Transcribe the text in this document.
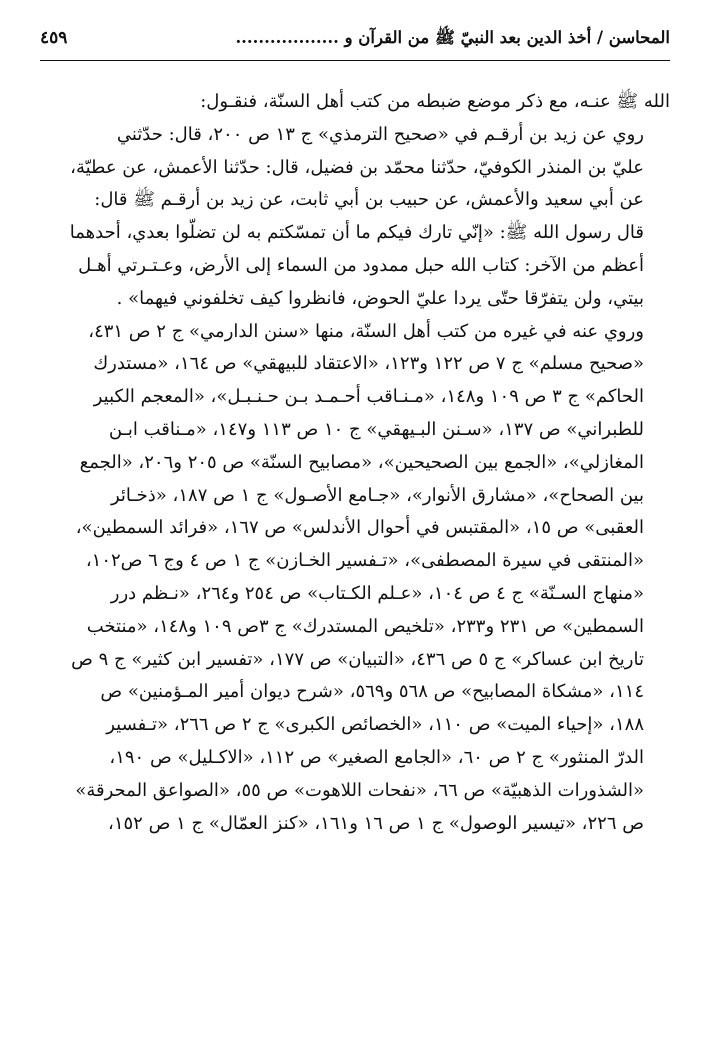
المحاسن / أخذ الدين بعد النبيّ ﷺ من القرآن و ..................
٤٥٩

الله ﷺ عنـه، مع ذكر موضع ضبطه من كتب أهل السنّة، فنقـول:

روي عن زيد بن أرقـم في «صحيح الترمذي» ج ١٣ ص ٢٠٠، قال: حدّثني
عليّ بن المنذر الكوفيّ، حدّثنا محمّد بن فضيل، قال: حدّثنا الأعمش، عن عطيّة،
عن أبي سعيد والأعمش، عن حبيب بن أبي ثابت، عن زيد بن أرقـم ﷺ قال:
قال رسول الله ﷺ: «إنّي تارك فيكم ما أن تمسّكتم به لن تضلّوا بعدي، أحدهما
أعظم من الآخر: كتاب الله حبل ممدود من السماء إلى الأرض، وعـتـرتي أهـل
بيتي، ولن يتفرّقا حتّى يردا عليّ الحوض، فانظروا كيف تخلفوني فيهما» .

وروي عنه في غيره من كتب أهل السنّة، منها «سنن الدارمي» ج ٢ ص ٤٣١،
«صحيح مسلم» ج ٧ ص ١٢٢ و١٢٣، «الاعتقاد للبيهقي» ص ١٦٤، «مستدرك
الحاكم» ج ٣ ص ١٠٩ و١٤٨، «مـنـاقب أحـمـد بـن حـنـبـل»، «المعجم الكبير
للطبراني» ص ١٣٧، «سـنن البـيهقي» ج ١٠ ص ١١٣ و١٤٧، «مـناقب ابـن
المغازلي»، «الجمع بين الصحيحين»، «مصابيح السنّة» ص ٢٠٥ و٢٠٦، «الجمع
بين الصحاح»، «مشارق الأنوار»، «جـامع الأصـول» ج ١ ص ١٨٧، «ذخـائر
العقبى» ص ١٥، «المقتبس في أحوال الأندلس» ص ١٦٧، «فرائد السمطين»،
«المنتقى في سيرة المصطفى»، «تـفسير الخـازن» ج ١ ص ٤ وج ٦ ص١٠٢،
«منهاج السـنّة» ج ٤ ص ١٠٤، «عـلم الكـتاب» ص ٢٥٤ و٢٦٤، «نـظم درر
السمطين» ص ٢٣١ و٢٣٣، «تلخيص المستدرك» ج ٣ص ١٠٩ و١٤٨، «منتخب
تاريخ ابن عساكر» ج ٥ ص ٤٣٦، «التبيان» ص ١٧٧، «تفسير ابن كثير» ج ٩ ص
١١٤، «مشكاة المصابيح» ص ٥٦٨ و٥٦٩، «شرح ديوان أمير المـؤمنين» ص
١٨٨، «إحياء الميت» ص ١١٠، «الخصائص الكبرى» ج ٢ ص ٢٦٦، «تـفسير
الدرّ المنثور» ج ٢ ص ٦٠، «الجامع الصغير» ص ١١٢، «الاكـليل» ص ١٩٠،
«الشذورات الذهبيّة» ص ٦٦، «نفحات اللاهوت» ص ٥٥، «الصواعق المحرقة»
ص ٢٢٦، «تيسير الوصول» ج ١ ص ١٦ و١٦١، «كنز العمّال» ج ١ ص ١٥٢،
